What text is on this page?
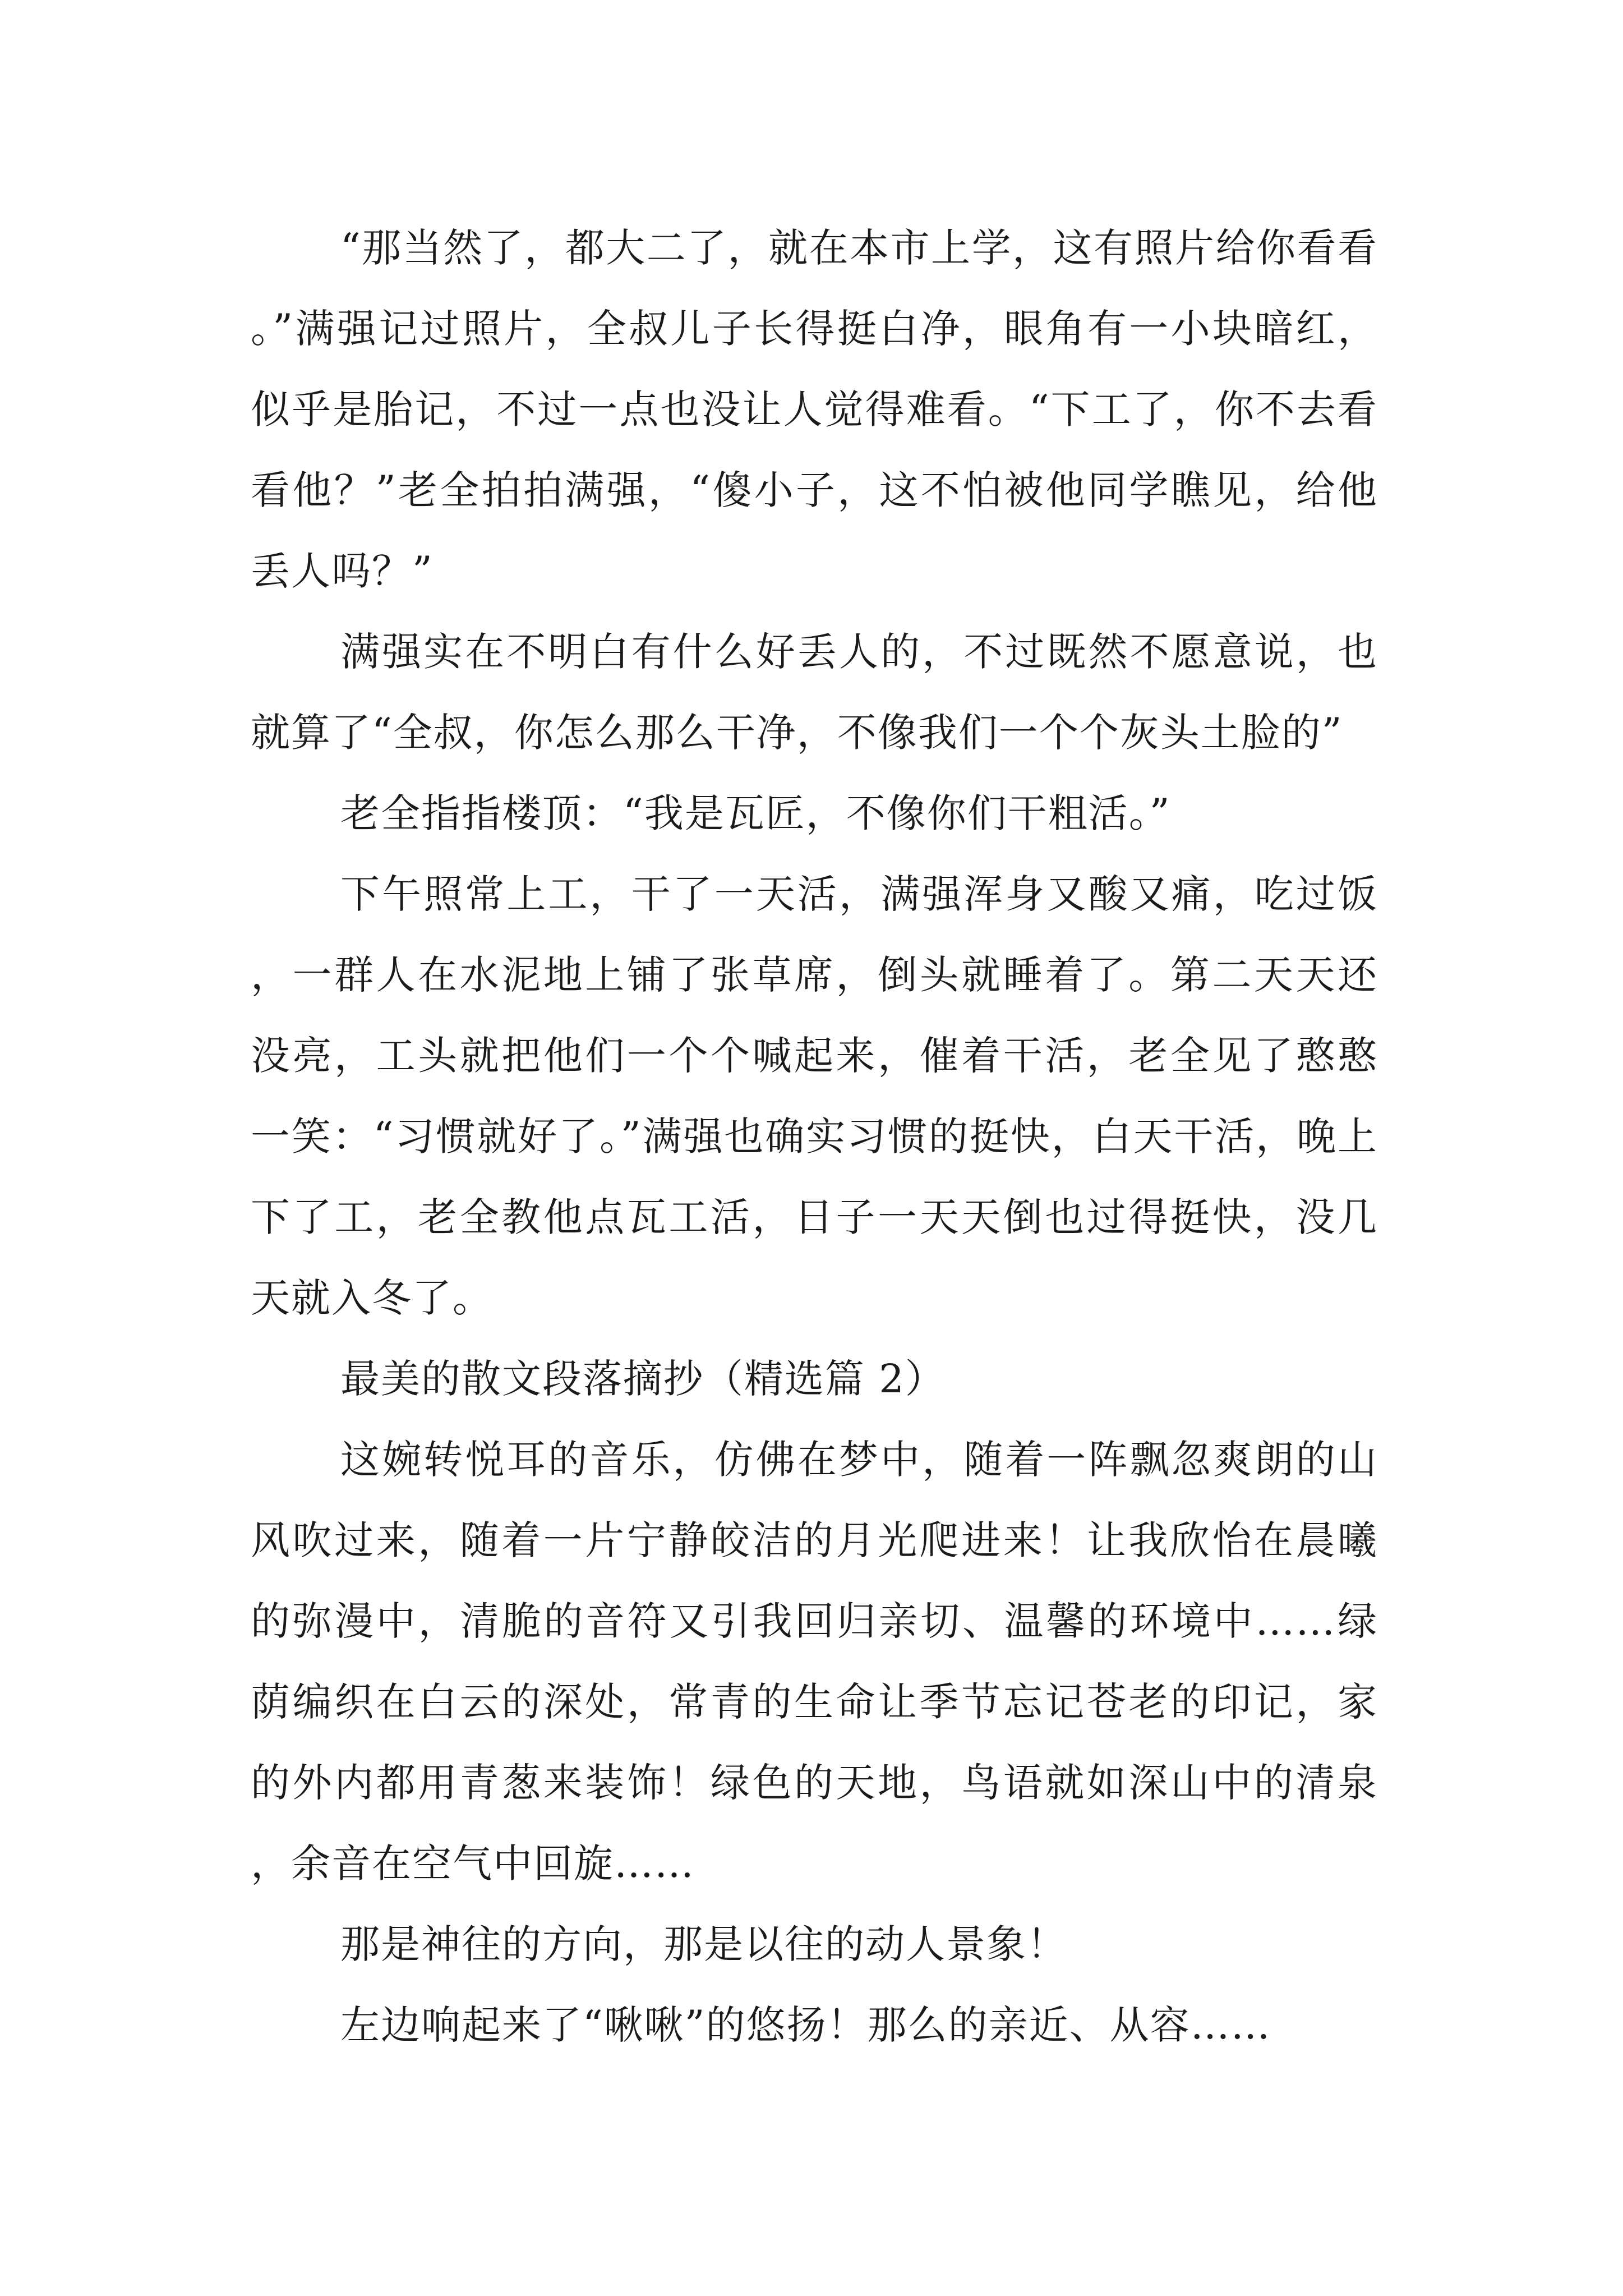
“那当然了，都大二了，就在本市上学，这有照片给你看看。”满强记过照片，全叔儿子长得挺白净，眼角有一小块暗红，似乎是胎记，不过一点也没让人觉得难看。“下工了，你不去看看他？”老全拍拍满强，“傻小子，这不怕被他同学瞧见，给他丢人吗？”

满强实在不明白有什么好丢人的，不过既然不愿意说，也就算了“全叔，你怎么那么干净，不像我们一个个灰头土脸的”

老全指指楼顶：“我是瓦匠，不像你们干粗活。”

下午照常上工，干了一天活，满强浑身又酸又痛，吃过饭，一群人在水泥地上铺了张草席，倒头就睡着了。第二天天还没亮，工头就把他们一个个喊起来，催着干活，老全见了憨憨一笑：“习惯就好了。”满强也确实习惯的挺快，白天干活，晚上下了工，老全教他点瓦工活，日子一天天倒也过得挺快，没几天就入冬了。

最美的散文段落摘抄（精选篇 2）

这婉转悦耳的音乐，仿佛在梦中，随着一阵飘忽爽朗的山风吹过来，随着一片宁静皎洁的月光爬进来！让我欣怡在晨曦的弥漫中，清脆的音符又引我回归亲切、温馨的环境中……绿荫编织在白云的深处，常青的生命让季节忘记苍老的印记，家的外内都用青葱来装饰！绿色的天地，鸟语就如深山中的清泉，余音在空气中回旋……

那是神往的方向，那是以往的动人景象！

左边响起来了“啾啾”的悠扬！那么的亲近、从容……
